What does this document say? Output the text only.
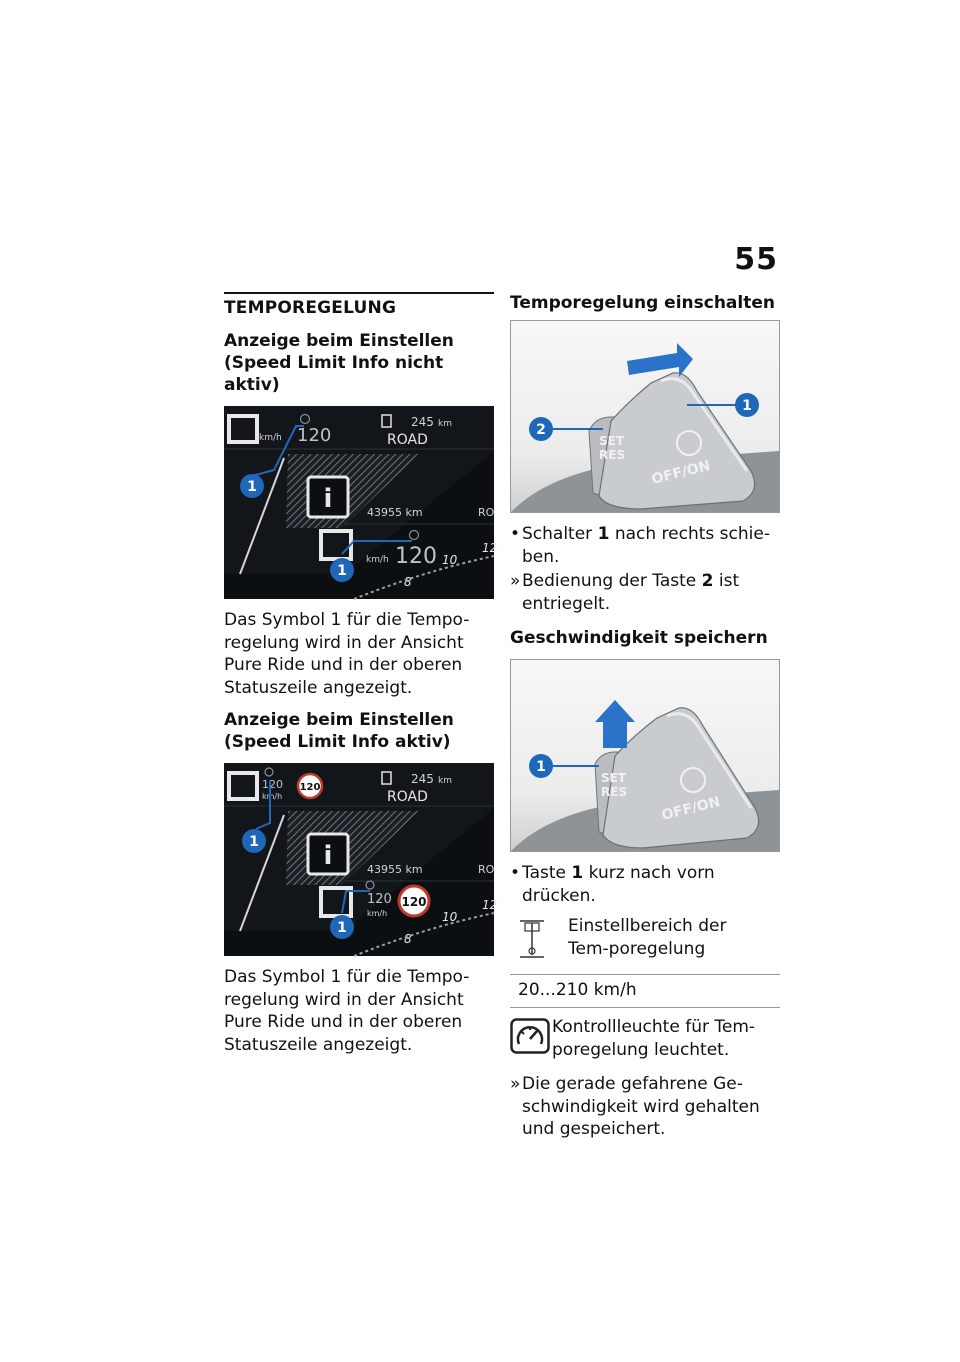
55
TEMPOREGELUNG
Anzeige beim Einstellen (Speed Limit Info nicht aktiv)
km/h 120
245 km
ROAD
i	43955 km	RO
km/h 120 10
12
8
1
1
Das Symbol 1 für die Tempo-regelung wird in der Ansicht Pure Ride und in der oberen Statuszeile angezeigt.
Anzeige beim Einstellen (Speed Limit Info aktiv)
120
km/h
120
245 km
ROAD
i	43955 km	RO
120
km/h
120
10
12
8
1
1
Das Symbol 1 für die Tempo-regelung wird in der Ansicht Pure Ride und in der oberen Statuszeile angezeigt.
Temporegelung einschalten
SET
RES
OFF/ON
1
2
• Schalter 1 nach rechts schie-ben.
» Bedienung der Taste 2 ist entriegelt.
Geschwindigkeit speichern
SET
RES
OFF/ON
1
• Taste 1 kurz nach vorn drücken.
	Einstellbereich der Tem-poregelung
20...210 km/h
Kontrollleuchte für Tem-poregelung leuchtet.
» Die gerade gefahrene Ge-schwindigkeit wird gehalten und gespeichert.
